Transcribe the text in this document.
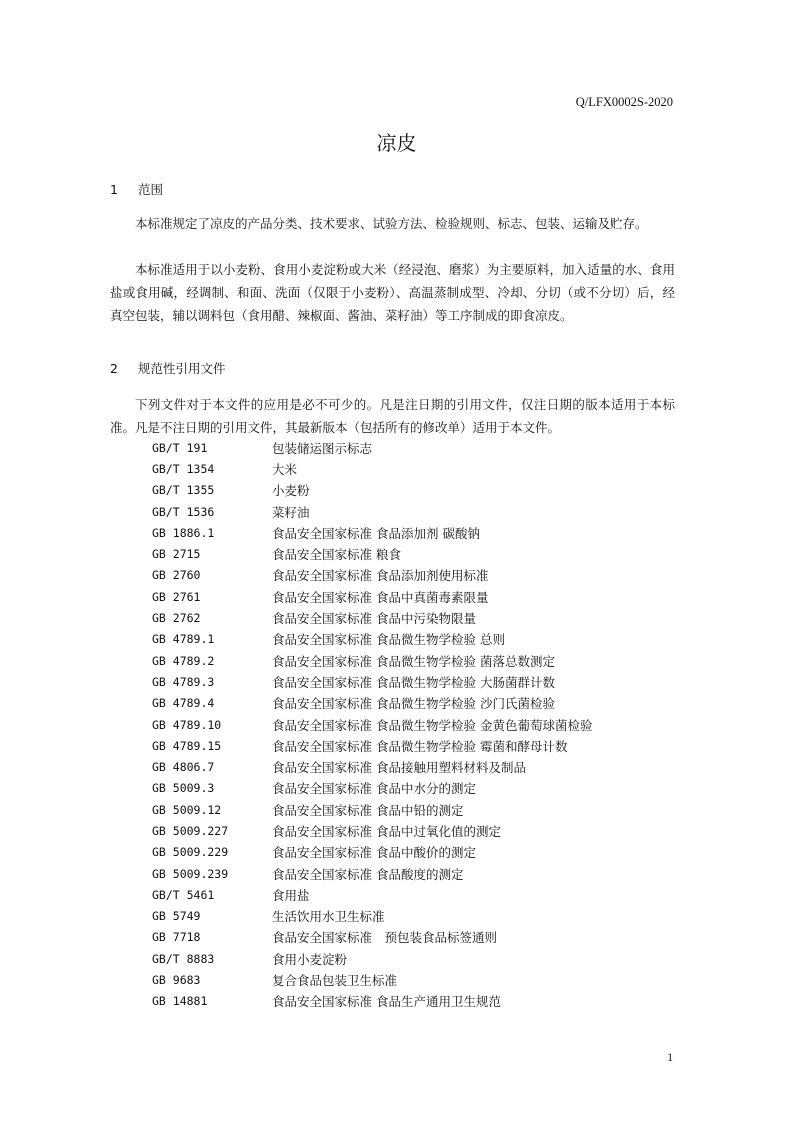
Q/LFX0002S-2020
凉皮
1 范围
本标准规定了凉皮的产品分类、技术要求、试验方法、检验规则、标志、包装、运输及贮存。
本标准适用于以小麦粉、食用小麦淀粉或大米（经浸泡、磨浆）为主要原料，加入适量的水、食用盐或食用碱，经调制、和面、洗面（仅限于小麦粉）、高温蒸制成型、冷却、分切（或不分切）后，经真空包装，辅以调料包（食用醋、辣椒面、酱油、菜籽油）等工序制成的即食凉皮。
2 规范性引用文件
下列文件对于本文件的应用是必不可少的。凡是注日期的引用文件，仅注日期的版本适用于本标准。凡是不注日期的引用文件，其最新版本（包括所有的修改单）适用于本文件。
GB/T 191	包装储运图示标志
GB/T 1354	大米
GB/T 1355	小麦粉
GB/T 1536	菜籽油
GB 1886.1	食品安全国家标准 食品添加剂 碳酸钠
GB 2715	食品安全国家标准 粮食
GB 2760	食品安全国家标准 食品添加剂使用标准
GB 2761	食品安全国家标准 食品中真菌毒素限量
GB 2762	食品安全国家标准 食品中污染物限量
GB 4789.1	食品安全国家标准 食品微生物学检验 总则
GB 4789.2	食品安全国家标准 食品微生物学检验 菌落总数测定
GB 4789.3	食品安全国家标准 食品微生物学检验 大肠菌群计数
GB 4789.4	食品安全国家标准 食品微生物学检验 沙门氏菌检验
GB 4789.10	食品安全国家标准 食品微生物学检验 金黄色葡萄球菌检验
GB 4789.15	食品安全国家标准 食品微生物学检验 霉菌和酵母计数
GB 4806.7	食品安全国家标准 食品接触用塑料材料及制品
GB 5009.3	食品安全国家标准 食品中水分的测定
GB 5009.12	食品安全国家标准 食品中铅的测定
GB 5009.227	食品安全国家标准 食品中过氧化值的测定
GB 5009.229	食品安全国家标准 食品中酸价的测定
GB 5009.239	食品安全国家标准 食品酸度的测定
GB/T 5461	食用盐
GB 5749	生活饮用水卫生标准
GB 7718	食品安全国家标准　预包装食品标签通则
GB/T 8883	食用小麦淀粉
GB 9683	复合食品包装卫生标准
GB 14881	食品安全国家标准 食品生产通用卫生规范
1
